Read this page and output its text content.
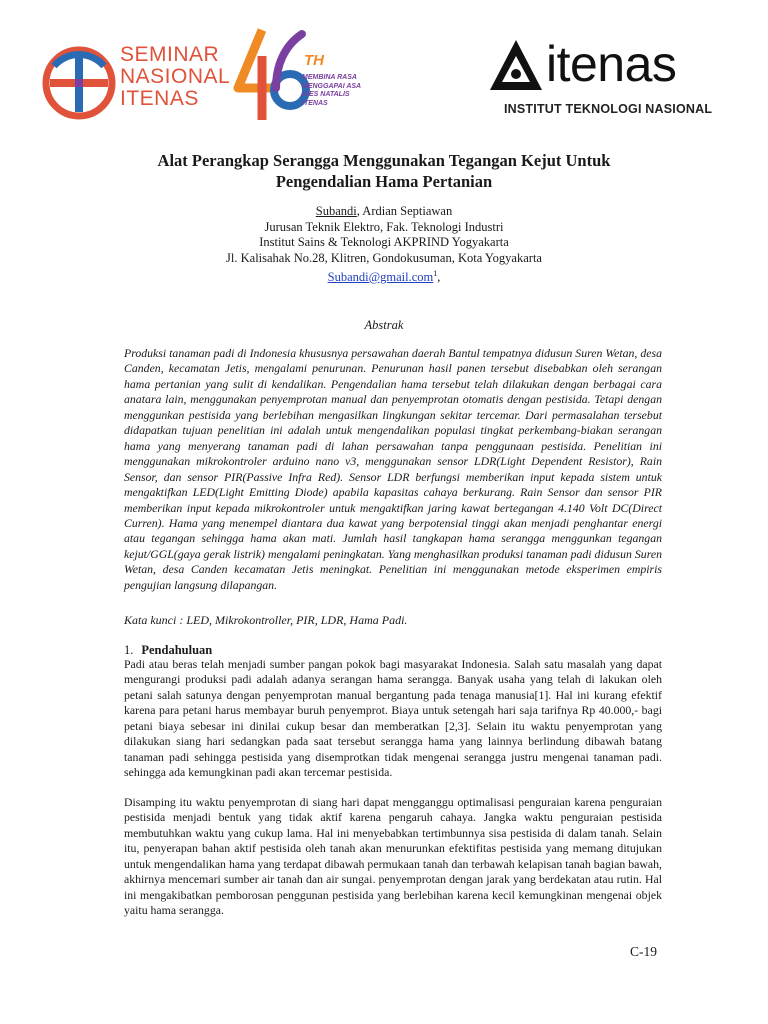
SEMINAR
NASIONAL
ITENAS
TH
MEMBINA RASA
MENGGAPAI ASA
DIES NATALIS
ITENAS
itenas
INSTITUT TEKNOLOGI NASIONAL
Alat Perangkap Serangga Menggunakan Tegangan Kejut Untuk
Pengendalian Hama Pertanian
Subandi, Ardian Septiawan
Jurusan Teknik Elektro, Fak. Teknologi Industri
Institut Sains & Teknologi AKPRIND Yogyakarta
Jl. Kalisahak No.28, Klitren, Gondokusuman, Kota Yogyakarta
Subandi@gmail.com$^1$,
Abstrak

Produksi tanaman padi di Indonesia khususnya persawahan daerah Bantul tempatnya didusun Suren Wetan, desa Canden, kecamatan Jetis, mengalami penurunan. Penurunan hasil panen tersebut disebabkan oleh serangan hama pertanian yang sulit di kendalikan. Pengendalian hama tersebut telah dilakukan dengan berbagai cara anatara lain, menggunakan penyemprotan manual dan penyemprotan otomatis dengan pestisida. Tetapi dengan menggunkan pestisida yang berlebihan mengasilkan lingkungan sekitar tercemar. Dari permasalahan tersebut didapatkan tujuan penelitian ini adalah untuk mengendalikan populasi tingkat perkembang-biakan serangan hama yang menyerang tanaman padi di lahan persawahan tanpa penggunaan pestisida. Penelitian ini menggunakan mikrokontroler arduino nano v3, menggunakan sensor LDR(Light Dependent Resistor), Rain Sensor, dan sensor PIR(Passive Infra Red). Sensor LDR berfungsi memberikan input kepada sistem untuk mengaktifkan LED(Light Emitting Diode) apabila kapasitas cahaya berkurang. Rain Sensor dan sensor PIR memberikan input kepada mikrokontroler untuk mengaktifkan jaring kawat bertegangan 4.140 Volt DC(Direct Curren). Hama yang menempel diantara dua kawat yang berpotensial tinggi akan menjadi penghantar energi atau tegangan sehingga hama akan mati. Jumlah hasil tangkapan hama serangga menggunkan tegangan kejut/GGL(gaya gerak listrik) mengalami peningkatan. Yang menghasilkan produksi tanaman padi didusun Suren Wetan, desa Canden kecamatan Jetis meningkat. Penelitian ini menggunakan metode eksperimen empiris pengujian langsung dilapangan.

Kata kunci : LED, Mikrokontroller, PIR, LDR, Hama Padi.
1. Pendahuluan

Padi atau beras telah menjadi sumber pangan pokok bagi masyarakat Indonesia. Salah satu masalah yang dapat mengurangi produksi padi adalah adanya serangan hama serangga. Banyak usaha yang telah di lakukan oleh petani salah satunya dengan penyemprotan manual bergantung pada tenaga manusia[1]. Hal ini kurang efektif karena para petani harus membayar buruh penyemprot. Biaya untuk setengah hari saja tarifnya Rp 40.000,- bagi petani biaya sebesar ini dinilai cukup besar dan memberatkan [2,3]. Selain itu waktu penyemprotan yang dilakukan siang hari sedangkan pada saat tersebut serangga hama yang lainnya berlindung dibawah batang tanaman padi sehingga pestisida yang disemprotkan tidak mengenai serangga justru mengenai tanaman padi. sehingga ada kemungkinan padi akan tercemar pestisida.

Disamping itu waktu penyemprotan di siang hari dapat mengganggu optimalisasi penguraian karena penguraian pestisida menjadi bentuk yang tidak aktif karena pengaruh cahaya. Jangka waktu penguraian pestisida membutuhkan waktu yang cukup lama. Hal ini menyebabkan tertimbunnya sisa pestisida di dalam tanah. Selain itu, penyerapan bahan aktif pestisida oleh tanah akan menurunkan efektifitas pestisida yang memang ditujukan untuk mengendalikan hama yang terdapat dibawah permukaan tanah dan terbawah kelapisan tanah bagian bawah, akhirnya mencemari sumber air tanah dan air sungai. penyemprotan dengan jarak yang berdekatan atau rutin. Hal ini mengakibatkan pemborosan penggunan pestisida yang berlebihan karena kecil kemungkinan mengenai objek yaitu hama serangga.

C-19
